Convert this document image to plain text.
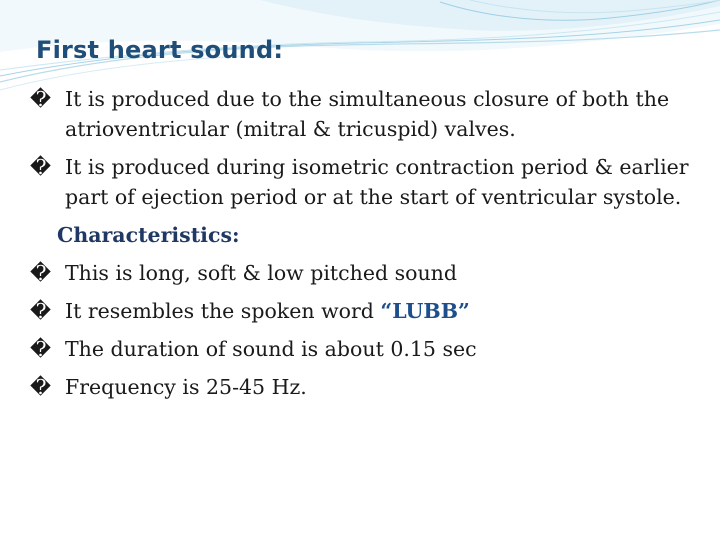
First heart sound:
� It is produced due to the simultaneous closure of both the atrioventricular (mitral & tricuspid) valves.
� It is produced during isometric contraction period & earlier part of ejection period or at the start of ventricular systole.
Characteristics:
� This is long, soft & low pitched sound
� It resembles the spoken word “LUBB”
� The duration of sound is about 0.15 sec
� Frequency is 25-45 Hz.
